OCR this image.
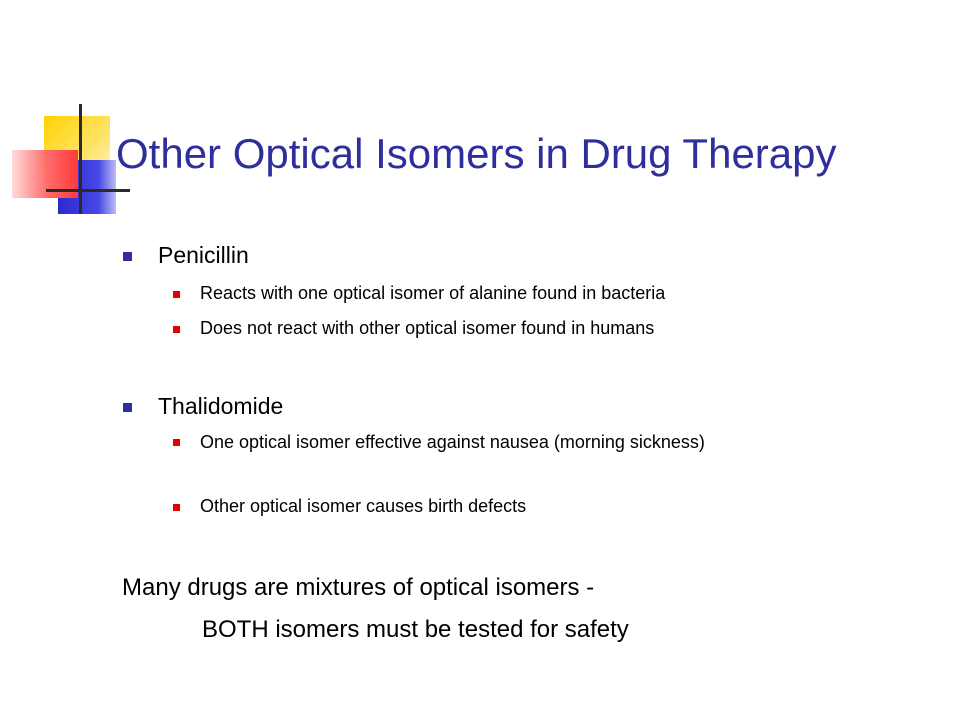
Other Optical Isomers in Drug Therapy
Penicillin
Reacts with one optical isomer of alanine found in bacteria
Does not react with other optical isomer found in humans
Thalidomide
One optical isomer effective against nausea (morning sickness)
Other optical isomer causes birth defects
Many drugs are mixtures of optical isomers -
BOTH isomers must be tested for safety
